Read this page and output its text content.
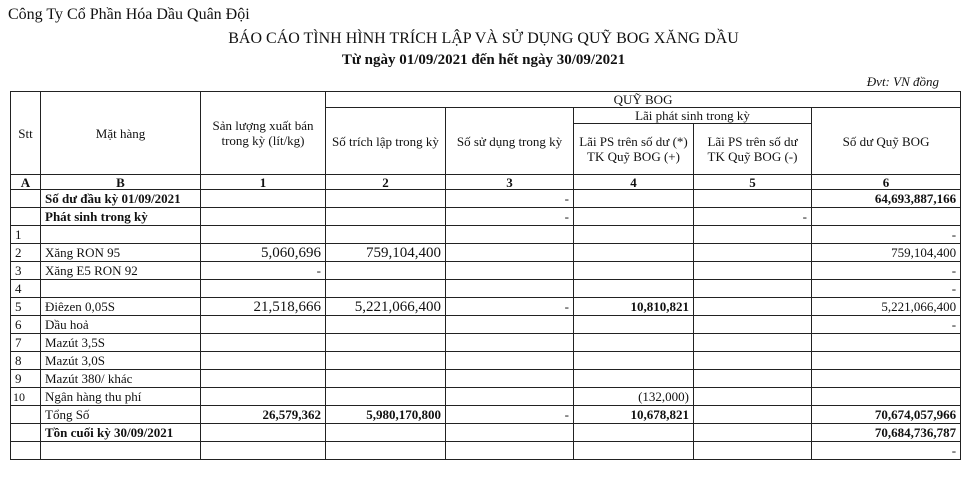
Công Ty Cổ Phần Hóa Dầu Quân Đội
BÁO CÁO TÌNH HÌNH TRÍCH LẬP VÀ SỬ DỤNG QUỸ BOG XĂNG DẦU
Từ ngày 01/09/2021 đến hết ngày 30/09/2021
Đvt: VN đồng
Stt	Mặt hàng	Sản lượng xuất bán trong kỳ (lít/kg)	QUỸ BOG				
			Số trích lập trong kỳ	Số sử dụng trong kỳ	Lãi phát sinh trong kỳ		Số dư Quỹ BOG
					Lãi PS trên số dư (*) TK Quỹ BOG (+)	Lãi PS trên số dư TK Quỹ BOG (-)	

A	B	1	2	3	4	5	6
	Số dư đầu kỳ 01/09/2021			-			64,693,887,166
	Phát sinh trong kỳ			-		-	
1							-
2	Xăng RON 95	5,060,696	759,104,400				759,104,400
3	Xăng E5 RON 92	-					-
4							-
5	Điêzen 0,05S	21,518,666	5,221,066,400	-	10,810,821		5,221,066,400
6	Dầu hoả						-
7	Mazút 3,5S						
8	Mazút 3,0S						
9	Mazút 380/ khác						
10	Ngân hàng thu phí				(132,000)		
	Tổng Số	26,579,362	5,980,170,800	-	10,678,821		70,674,057,966
	Tồn cuối kỳ 30/09/2021						70,684,736,787
							-
